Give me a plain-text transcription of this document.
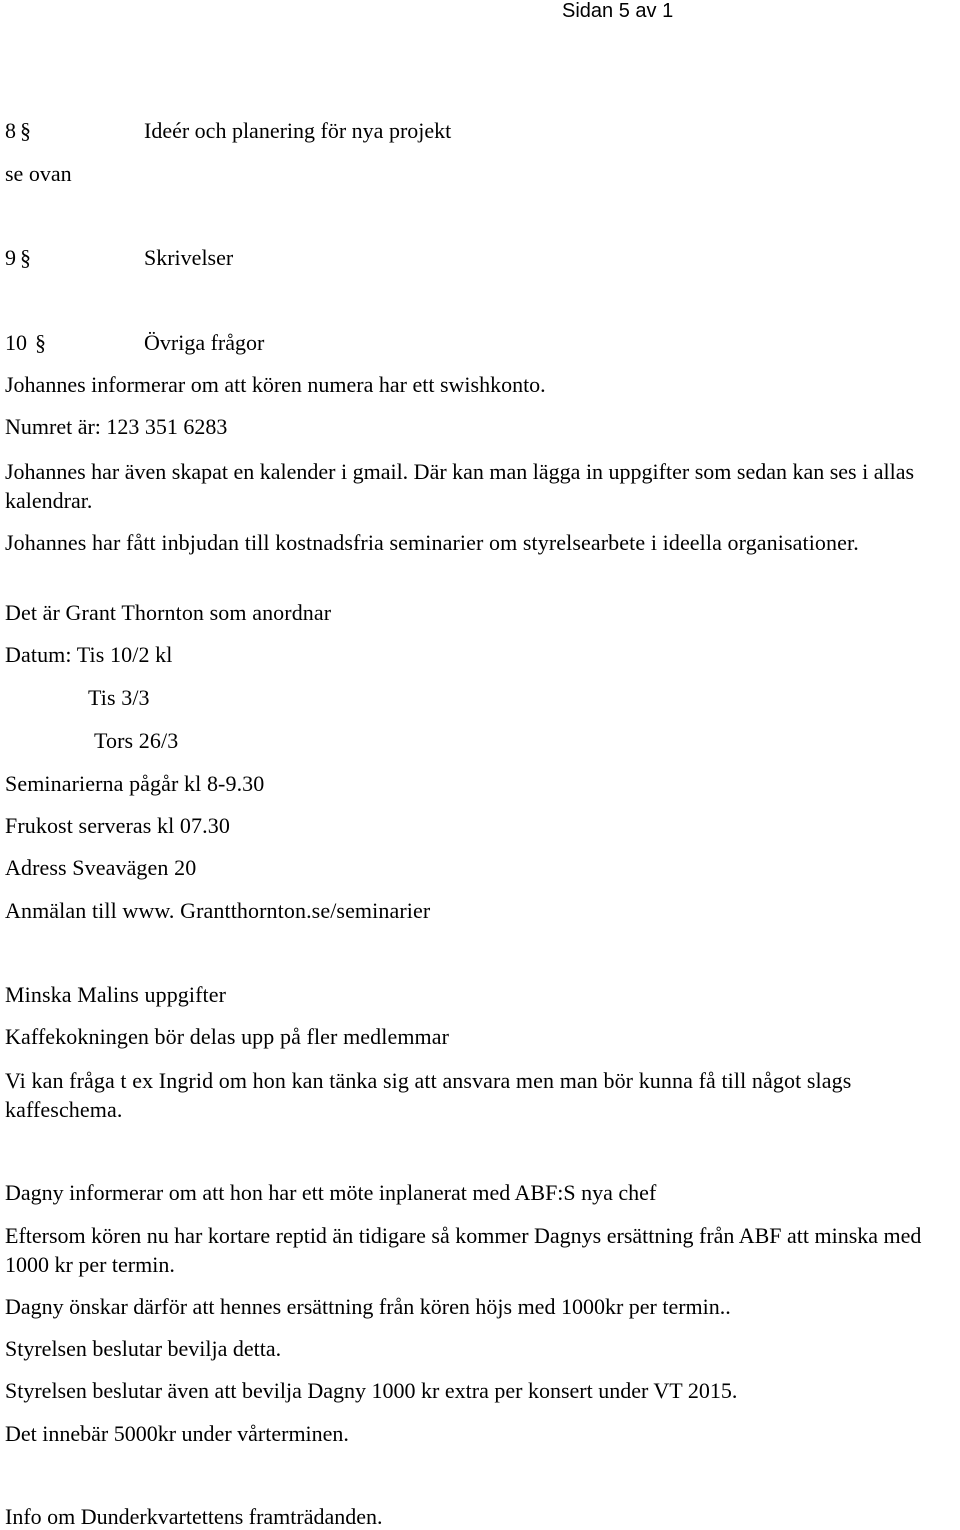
Sidan 5 av 1
8 §	Ideér och planering för nya projekt
se ovan
9 §	Skrivelser
10 §	Övriga frågor
Johannes informerar om att kören numera har ett swishkonto.
Numret är: 123 351 6283
Johannes har även skapat en kalender i gmail. Där kan man lägga in uppgifter som sedan kan ses i allas kalendrar.
Johannes har fått inbjudan till kostnadsfria seminarier om styrelsearbete i ideella organisationer.
Det är Grant Thornton som anordnar
Datum: Tis 10/2 kl
Tis 3/3
Tors 26/3
Seminarierna pågår kl 8-9.30
Frukost serveras kl 07.30
Adress Sveavägen 20
Anmälan till www. Grantthornton.se/seminarier
Minska Malins uppgifter
Kaffekokningen bör delas upp på fler medlemmar
Vi kan fråga t ex Ingrid om hon kan tänka sig att ansvara men man bör kunna få till något slags kaffeschema.
Dagny informerar om att hon har ett möte inplanerat med ABF:S nya chef
Eftersom kören nu har kortare reptid än tidigare så kommer Dagnys ersättning från ABF att minska med 1000 kr per termin.
Dagny önskar därför att hennes ersättning från kören höjs med 1000kr per termin..
Styrelsen beslutar bevilja detta.
Styrelsen beslutar även att bevilja Dagny 1000 kr extra per konsert under VT 2015.
Det innebär 5000kr under vårterminen.
Info om Dunderkvartettens framträdanden.
